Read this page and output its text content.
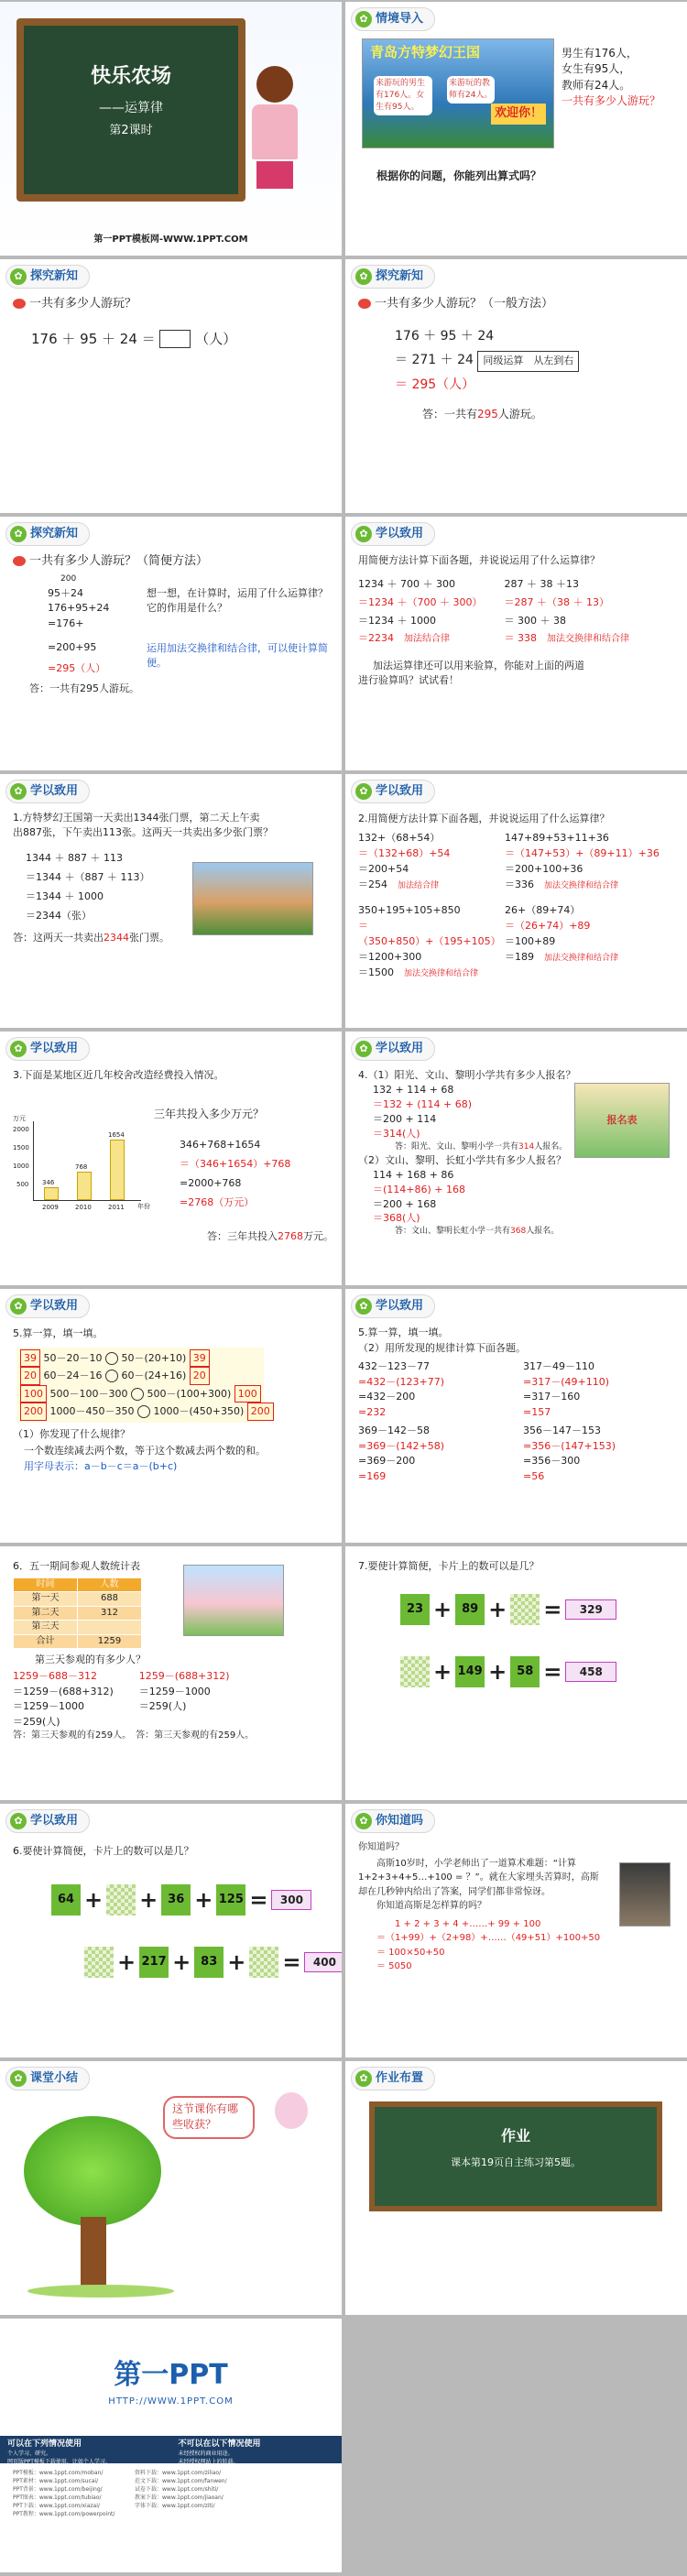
快乐农场
——运算律
第2课时
第一PPT模板网-WWW.1PPT.COM
✿ 情境导入
青岛方特梦幻王国
来游玩的男生有176人。女生有95人。
来游玩的教师有24人。
欢迎你！
男生有176人，
女生有95人，
教师有24人。
一共有多少人游玩？
根据你的问题，你能列出算式吗？
✿ 探究新知
一共有多少人游玩？
176 ＋ 95 ＋ 24 ＝	（人）
✿ 探究新知
一共有多少人游玩？（一般方法）
176 ＋ 95 ＋ 24
＝ 271 ＋ 24 同级运算　从左到右
＝ 295（人）
答：一共有295人游玩。
✿ 探究新知
一共有多少人游玩？（简便方法）
200
95＋24
176+95+24
=176+
=200+95
=295（人）
答：一共有295人游玩。
想一想，在计算时，运用了什么运算律？它的作用是什么？
运用加法交换律和结合律，可以使计算简便。
✿ 学以致用
用简便方法计算下面各题，并说说运用了什么运算律？
1234 ＋ 700 ＋ 300
＝1234 ＋（700 ＋ 300）
＝1234 ＋ 1000
＝2234　 加法结合律
287 ＋ 38 ＋13
＝287 ＋（38 ＋ 13）
＝ 300 ＋ 38
＝ 338　 加法交换律和结合律
加法运算律还可以用来验算，你能对上面的两道
进行验算吗？试试看！
✿ 学以致用
1.方特梦幻王国第一天卖出1344张门票，第二天上午卖
出887张，下午卖出113张。这两天一共卖出多少张门票？
1344 ＋ 887 ＋ 113
＝1344 ＋（887 ＋ 113）
＝1344 ＋ 1000
＝2344（张）
答：这两天一共卖出2344张门票。
✿ 学以致用
2.用简便方法计算下面各题，并说说运用了什么运算律？
132+（68+54）
＝（132+68）+54
＝200+54
＝254　 加法结合律
147+89+53+11+36
＝（147+53）+（89+11）+36
＝200+100+36
＝336　 加法交换律和结合律
350+195+105+850
＝（350+850）+（195+105）
＝1200+300
＝1500　 加法交换律和结合律
26+（89+74）
＝（26+74）+89
＝100+89
＝189　 加法交换律和结合律
✿ 学以致用
3.下面是某地区近几年校舍改造经费投入情况。
万元
2000
1500
1000
500 346
2009
768
2010
1654
2011 年份
三年共投入多少万元？
346+768+1654
＝（346+1654）+768
=2000+768
=2768（万元）
答：三年共投入2768万元。
✿ 学以致用
4.（1）阳光、文山、黎明小学共有多少人报名？
132 + 114 + 68
＝132 + (114 + 68)
＝200 + 114
＝314(人)
答：阳光、文山、黎明小学一共有314人报名。
（2）文山、黎明、长虹小学共有多少人报名？
114 + 168 + 86
＝(114+86) + 168
＝200 + 168
＝368(人)
答：文山、黎明长虹小学一共有368人报名。
报名表
✿ 学以致用
5.算一算，填一填。
39 50－20－10 50－(20+10) 39
20 60－24－16 60－(24+16) 20
100 500－100－300 500－(100+300) 100
200 1000－450－350 1000－(450+350) 200
（1）你发现了什么规律？
一个数连续减去两个数，等于这个数减去两个数的和。
用字母表示：a－b－c＝a－(b+c)
✿ 学以致用
5.算一算，填一填。
（2）用所发现的规律计算下面各题。
432－123－77
=432－(123+77)
=432－200
=232
317－49－110
=317－(49+110)
=317－160
=157
369－142－58
=369－(142+58)
=369－200
=169
356－147－153
=356－(147+153)
=356－300
=56
6．五一期间参观人数统计表
时间	人数
第一天	688
第二天	312
第三天	
合计	1259
第三天参观的有多少人？
1259－688－312
＝1259－(688+312)
＝1259－1000
＝259(人)
1259－(688+312)
＝1259－1000
＝259(人)
答：第三天参观的有259人。　 答：第三天参观的有259人。
7.要使计算简便，卡片上的数可以是几？
23 + 89 + =	329
+ 149 + 58 =	458
✿ 学以致用
6.要使计算简便，卡片上的数可以是几？
64 + + 36 + 125 =	300
+ 217 + 83 + =	400
✿ 你知道吗
你知道吗？
高斯10岁时，小学老师出了一道算术难题：“计算 1+2+3+4+5…+100 = ？”。就在大家埋头苦算时，高斯却在几秒钟内给出了答案，同学们都非常惊讶。
你知道高斯是怎样算的吗？
1 + 2 + 3 + 4 +……+ 99 + 100
＝（1+99）+（2+98）+……（49+51）+100+50
＝ 100×50+50
＝ 5050
✿ 课堂小结
这节课你有哪些收获？
✿ 作业布置
作业
课本第19页自主练习第5题。
第一PPT
HTTP://WWW.1PPT.COM
可以在下列情况使用
个人学习、研究。
网页版PPT模板下载使用，比如个人学习。
不可以在以下情况使用
未经授权的商业用途。
未经授权网站上的转载。
PPT模板：www.1ppt.com/moban/
PPT素材：www.1ppt.com/sucai/
PPT背景：www.1ppt.com/beijing/
PPT图表：www.1ppt.com/tubiao/
PPT下载：www.1ppt.com/xiazai/
PPT教程：www.1ppt.com/powerpoint/
资料下载：www.1ppt.com/ziliao/
范文下载：www.1ppt.com/fanwen/
试卷下载：www.1ppt.com/shiti/
教案下载：www.1ppt.com/jiaoan/
字体下载：www.1ppt.com/ziti/
